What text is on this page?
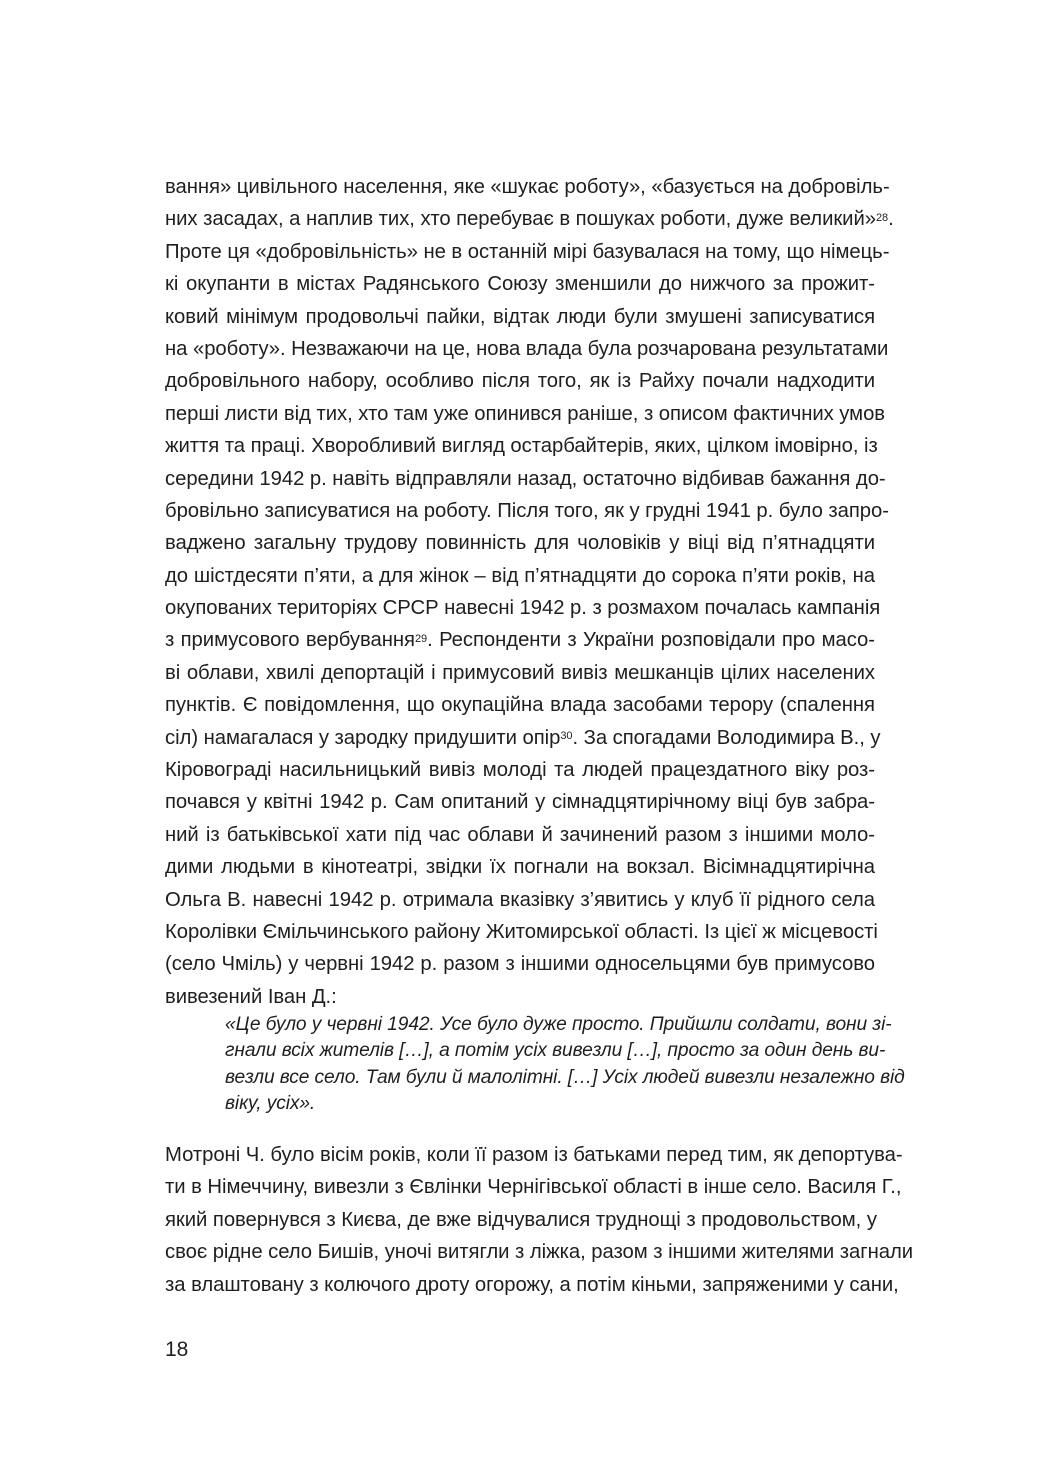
вання» цивільного населення, яке «шукає роботу», «базується на добровіль-
них засадах, а наплив тих, хто перебуває в пошуках роботи, дуже великий»$^{28}$.
Проте ця «добровільність» не в останній мірі базувалася на тому, що німець-
кі окупанти в містах Радянського Союзу зменшили до нижчого за прожит-
ковий мінімум продовольчі пайки, відтак люди були змушені записуватися
на «роботу». Незважаючи на це, нова влада була розчарована результатами
добровільного набору, особливо після того, як із Райху почали надходити
перші листи від тих, хто там уже опинився раніше, з описом фактичних умов
життя та праці. Хворобливий вигляд остарбайтерів, яких, цілком імовірно, із
середини 1942 р. навіть відправляли назад, остаточно відбивав бажання до-
бровільно записуватися на роботу. Після того, як у грудні 1941 р. було запро-
ваджено загальну трудову повинність для чоловіків у віці від п’ятнадцяти
до шістдесяти п’яти, а для жінок – від п’ятнадцяти до сорока п’яти років, на
окупованих територіях СРСР навесні 1942 р. з розмахом почалась кампанія
з примусового вербування$^{29}$. Респонденти з України розповідали про масо-
ві облави, хвилі депортацій і примусовий вивіз мешканців цілих населених
пунктів. Є повідомлення, що окупаційна влада засобами терору (спалення
сіл) намагалася у зародку придушити опір$^{30}$. За спогадами Володимира В., у
Кіровограді насильницький вивіз молоді та людей працездатного віку роз-
почався у квітні 1942 р. Сам опитаний у сімнадцятирічному віці був забра-
ний із батьківської хати під час облави й зачинений разом з іншими моло-
дими людьми в кінотеатрі, звідки їх погнали на вокзал. Вісімнадцятирічна
Ольга В. навесні 1942 р. отримала вказівку з’явитись у клуб її рідного села
Королівки Ємільчинського району Житомирської області. Із цієї ж місцевості
(село Чміль) у червні 1942 р. разом з іншими односельцями був примусово
вивезений Іван Д.:
«Це було у червні 1942. Усе було дуже просто. Прийшли солдати, вони зі-
гнали всіх жителів […], а потім усіх вивезли […], просто за один день ви-
везли все село. Там були й малолітні. […] Усіх людей вивезли незалежно від
віку, усіх».
Мотроні Ч. було вісім років, коли її разом із батьками перед тим, як депортува-
ти в Німеччину, вивезли з Євлінки Чернігівської області в інше село. Василя Г.,
який повернувся з Києва, де вже відчувалися труднощі з продовольством, у
своє рідне село Бишів, уночі витягли з ліжка, разом з іншими жителями загнали
за влаштовану з колючого дроту огорожу, а потім кіньми, запряженими у сани,
18
